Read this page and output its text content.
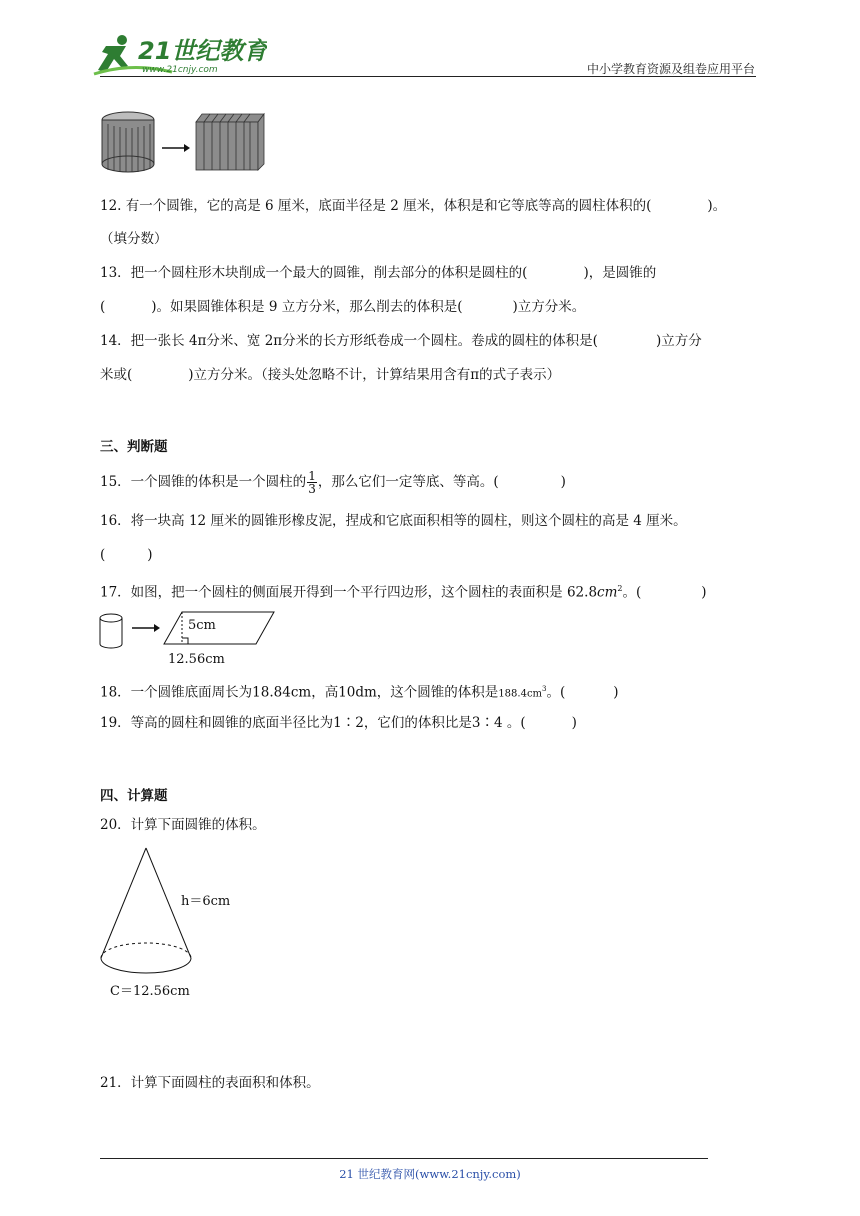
21世纪教育
www.21cnjy.com	中小学教育资源及组卷应用平台
12. 有一个圆锥，它的高是 6 厘米，底面半径是 2 厘米，体积是和它等底等高的圆柱体积的(	)。
（填分数）
13．把一个圆柱形木块削成一个最大的圆锥，削去部分的体积是圆柱的(	)，是圆锥的
(	)。如果圆锥体积是 9 立方分米，那么削去的体积是(	)立方分米。
14．把一张长 4π分米、宽 2π分米的长方形纸卷成一个圆柱。卷成的圆柱的体积是(	)立方分
米或(	)立方分米。（接头处忽略不计，计算结果用含有π的式子表示）
三、判断题
15．一个圆锥的体积是一个圆柱的 $\frac{1}{3}$ ，那么它们一定等底、等高。(	)
16．将一块高 12 厘米的圆锥形橡皮泥，捏成和它底面积相等的圆柱，则这个圆柱的高是 4 厘米。
(	)
17．如图，把一个圆柱的侧面展开得到一个平行四边形，这个圆柱的表面积是 $62.8cm^2$。(	)
5cm
12.56cm
18．一个圆锥底面周长为18.84cm，高10dm，这个圆锥的体积是$188.4cm^3$。(	)
19．等高的圆柱和圆锥的底面半径比为1∶2，它们的体积比是3∶4 。(	)
四、计算题
20．计算下面圆锥的体积。
h＝6cm
C＝12.56cm
21．计算下面圆柱的表面积和体积。
21 世纪教育网(www.21cnjy.com)
